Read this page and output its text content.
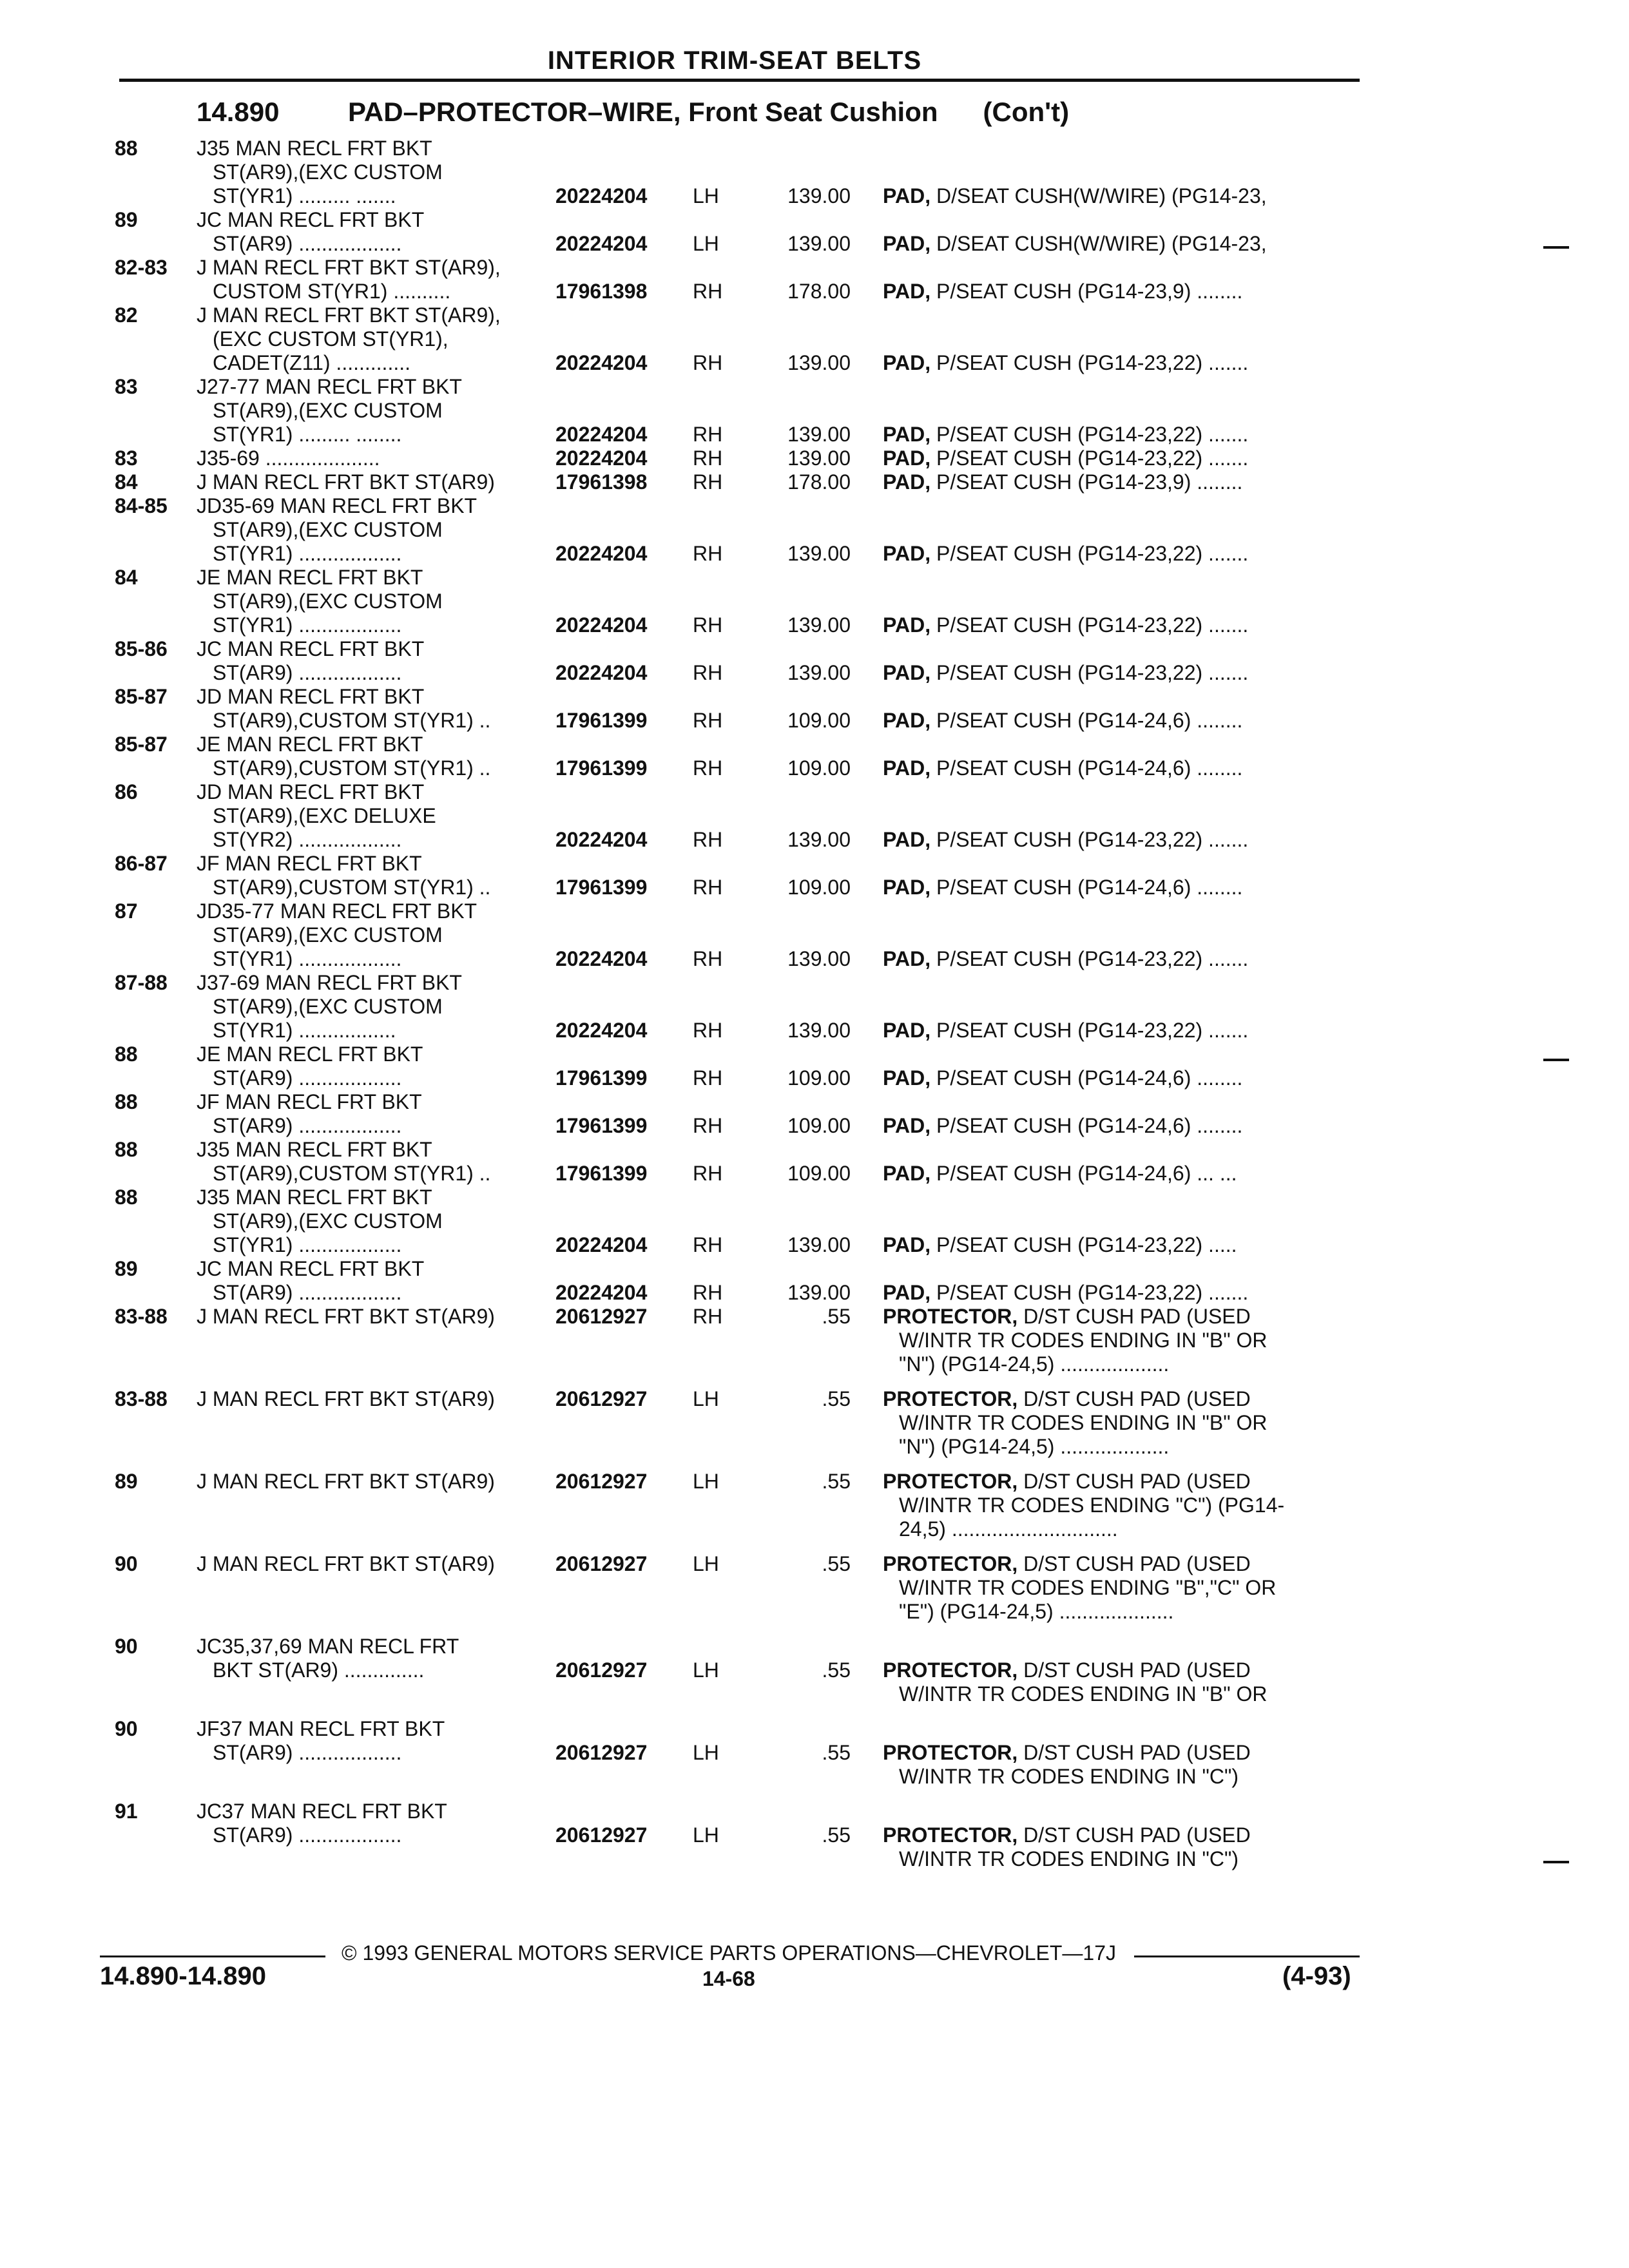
INTERIOR TRIM-SEAT BELTS
14.890	PAD–PROTECTOR–WIRE, Front Seat Cushion (Con't)
88	J35 MAN RECL FRT BKT
ST(AR9),(EXC CUSTOM
ST(YR1) ......... .......	20224204 LH	139.00 PAD, D/SEAT CUSH(W/WIRE) (PG14-23,
89	JC MAN RECL FRT BKT
ST(AR9) ..................	20224204 LH	139.00 PAD, D/SEAT CUSH(W/WIRE) (PG14-23,
82-83 J MAN RECL FRT BKT ST(AR9),
CUSTOM ST(YR1) ..........	17961398 RH	178.00 PAD, P/SEAT CUSH (PG14-23,9) ........
82	J MAN RECL FRT BKT ST(AR9),
(EXC CUSTOM ST(YR1),
CADET(Z11) .............	20224204 RH	139.00 PAD, P/SEAT CUSH (PG14-23,22) .......
83	J27-77 MAN RECL FRT BKT
ST(AR9),(EXC CUSTOM
ST(YR1) ......... ........	20224204 RH	139.00 PAD, P/SEAT CUSH (PG14-23,22) .......
83	J35-69 ....................	20224204 RH	139.00 PAD, P/SEAT CUSH (PG14-23,22) .......
84	J MAN RECL FRT BKT ST(AR9)	17961398 RH	178.00 PAD, P/SEAT CUSH (PG14-23,9) ........
84-85 JD35-69 MAN RECL FRT BKT
ST(AR9),(EXC CUSTOM
ST(YR1) ..................	20224204 RH	139.00 PAD, P/SEAT CUSH (PG14-23,22) .......
84	JE MAN RECL FRT BKT
ST(AR9),(EXC CUSTOM
ST(YR1) ..................	20224204 RH	139.00 PAD, P/SEAT CUSH (PG14-23,22) .......
85-86 JC MAN RECL FRT BKT
ST(AR9) ..................	20224204 RH	139.00 PAD, P/SEAT CUSH (PG14-23,22) .......
85-87 JD MAN RECL FRT BKT
ST(AR9),CUSTOM ST(YR1) ..	17961399 RH	109.00 PAD, P/SEAT CUSH (PG14-24,6) ........
85-87 JE MAN RECL FRT BKT
ST(AR9),CUSTOM ST(YR1) ..	17961399 RH	109.00 PAD, P/SEAT CUSH (PG14-24,6) ........
86	JD MAN RECL FRT BKT
ST(AR9),(EXC DELUXE
ST(YR2) ..................	20224204 RH	139.00 PAD, P/SEAT CUSH (PG14-23,22) .......
86-87 JF MAN RECL FRT BKT
ST(AR9),CUSTOM ST(YR1) ..	17961399 RH	109.00 PAD, P/SEAT CUSH (PG14-24,6) ........
87	JD35-77 MAN RECL FRT BKT
ST(AR9),(EXC CUSTOM
ST(YR1) ..................	20224204 RH	139.00 PAD, P/SEAT CUSH (PG14-23,22) .......
87-88 J37-69 MAN RECL FRT BKT
ST(AR9),(EXC CUSTOM
ST(YR1) .................	20224204 RH	139.00 PAD, P/SEAT CUSH (PG14-23,22) .......
88	JE MAN RECL FRT BKT
ST(AR9) ..................	17961399 RH	109.00 PAD, P/SEAT CUSH (PG14-24,6) ........
88	JF MAN RECL FRT BKT
ST(AR9) ..................	17961399 RH	109.00 PAD, P/SEAT CUSH (PG14-24,6) ........
88	J35 MAN RECL FRT BKT
ST(AR9),CUSTOM ST(YR1) ..	17961399 RH	109.00 PAD, P/SEAT CUSH (PG14-24,6) ... ...
88	J35 MAN RECL FRT BKT
ST(AR9),(EXC CUSTOM
ST(YR1) ..................	20224204 RH	139.00 PAD, P/SEAT CUSH (PG14-23,22) .....
89	JC MAN RECL FRT BKT
ST(AR9) ..................	20224204 RH	139.00 PAD, P/SEAT CUSH (PG14-23,22) .......
83-88 J MAN RECL FRT BKT ST(AR9)	20612927 RH	.55 PROTECTOR, D/ST CUSH PAD (USED
W/INTR TR CODES ENDING IN "B" OR
"N") (PG14-24,5) ...................
83-88 J MAN RECL FRT BKT ST(AR9)	20612927 LH	.55 PROTECTOR, D/ST CUSH PAD (USED
W/INTR TR CODES ENDING IN "B" OR
"N") (PG14-24,5) ...................
89	J MAN RECL FRT BKT ST(AR9)	20612927 LH	.55 PROTECTOR, D/ST CUSH PAD (USED
W/INTR TR CODES ENDING "C") (PG14-
24,5) .............................
90	J MAN RECL FRT BKT ST(AR9)	20612927 LH	.55 PROTECTOR, D/ST CUSH PAD (USED
W/INTR TR CODES ENDING "B","C" OR
"E") (PG14-24,5) ....................
90	JC35,37,69 MAN RECL FRT
BKT ST(AR9) ..............	20612927 LH	.55 PROTECTOR, D/ST CUSH PAD (USED
W/INTR TR CODES ENDING IN "B" OR
90	JF37 MAN RECL FRT BKT
ST(AR9) ..................	20612927 LH	.55 PROTECTOR, D/ST CUSH PAD (USED
W/INTR TR CODES ENDING IN "C")
91	JC37 MAN RECL FRT BKT
ST(AR9) ..................	20612927 LH	.55 PROTECTOR, D/ST CUSH PAD (USED
W/INTR TR CODES ENDING IN "C")
© 1993 GENERAL MOTORS SERVICE PARTS OPERATIONS—CHEVROLET—17J
14.890-14.890	14-68	(4-93)
